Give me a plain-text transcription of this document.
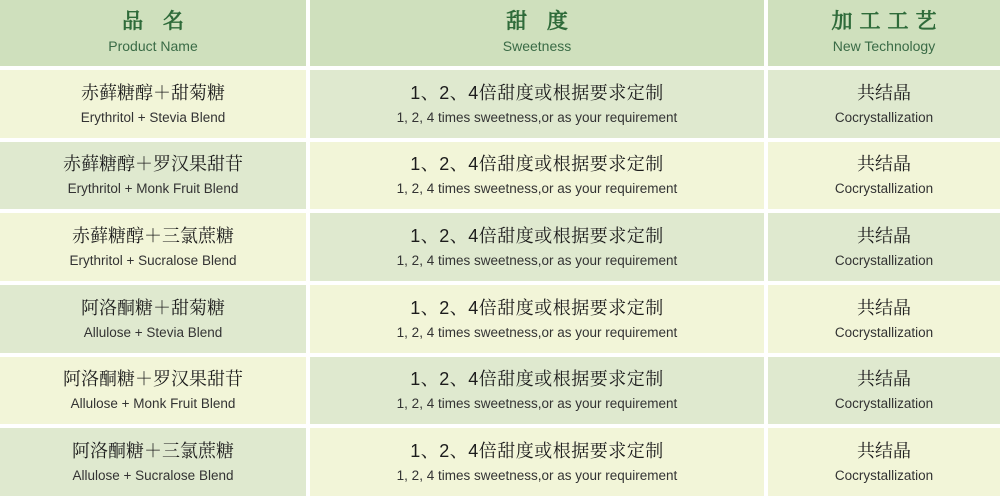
品 名
Product Name
甜 度
Sweetness
加工工艺
New Technology
赤藓糖醇＋甜菊糖
Erythritol + Stevia Blend
1、2、4倍甜度或根据要求定制
1, 2, 4 times sweetness,or as your requirement
共结晶
Cocrystallization
赤藓糖醇＋罗汉果甜苷
Erythritol + Monk Fruit Blend
1、2、4倍甜度或根据要求定制
1, 2, 4 times sweetness,or as your requirement
共结晶
Cocrystallization
赤藓糖醇＋三氯蔗糖
Erythritol + Sucralose Blend
1、2、4倍甜度或根据要求定制
1, 2, 4 times sweetness,or as your requirement
共结晶
Cocrystallization
阿洛酮糖＋甜菊糖
Allulose + Stevia Blend
1、2、4倍甜度或根据要求定制
1, 2, 4 times sweetness,or as your requirement
共结晶
Cocrystallization
阿洛酮糖＋罗汉果甜苷
Allulose + Monk Fruit Blend
1、2、4倍甜度或根据要求定制
1, 2, 4 times sweetness,or as your requirement
共结晶
Cocrystallization
阿洛酮糖＋三氯蔗糖
Allulose + Sucralose Blend
1、2、4倍甜度或根据要求定制
1, 2, 4 times sweetness,or as your requirement
共结晶
Cocrystallization
